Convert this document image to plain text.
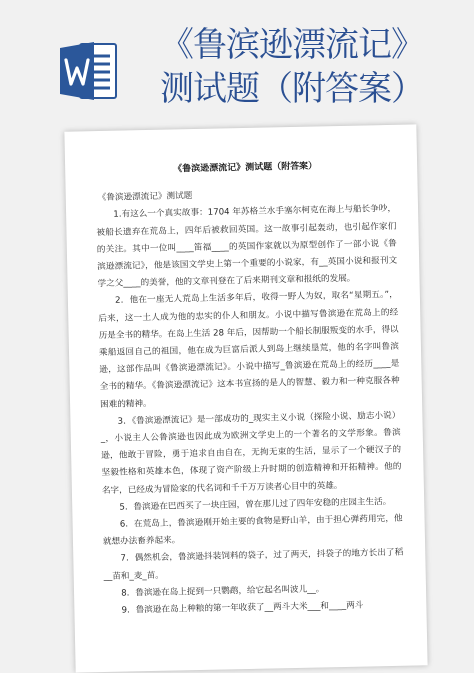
《鲁滨逊漂流记》
测试题（附答案）
《鲁滨逊漂流记》测试题（附答案）
《鲁滨逊漂流记》测试题

1.有这么一个真实故事：1704 年苏格兰水手塞尔柯克在海上与船长争吵，被船长遗弃在荒岛上，四年后被救回英国。这一故事引起轰动，也引起作家们的关注。其中一位叫____笛福____的英国作家就以为原型创作了一部小说《鲁滨逊漂流记》，他是该国文学史上第一个重要的小说家，有__英国小说和报刊文学之父____的美誉，他的文章刊登在了后来期刊文章和报纸的发展。

2．他在一座无人荒岛上生活多年后，收得一野人为奴，取名“星期五。”，后来，这一土人成为他的忠实的仆人和朋友。小说中描写鲁滨逊在荒岛上的经历是全书的精华。在岛上生活 28 年后，因帮助一个船长制服叛变的水手，得以乘船返回自己的祖国，他在成为巨富后派人到岛上继续垦荒，他的名字叫鲁滨逊，这部作品叫《鲁滨逊漂流记》。小说中描写_鲁滨逊在荒岛上的经历____是全书的精华。《鲁滨逊漂流记》这本书宣扬的是人的智慧、毅力和一种克服各种困难的精神。

3．《鲁滨逊漂流记》是一部成功的_现实主义小说（探险小说、励志小说）_，小说主人公鲁滨逊也因此成为欧洲文学史上的一个著名的文学形象。鲁滨逊，他敢于冒险，勇于追求自由自在，无拘无束的生活，显示了一个硬汉子的坚毅性格和英雄本色，体现了资产阶级上升时期的创造精神和开拓精神。他的名字，已经成为冒险家的代名词和千千万万读者心目中的英雄。

5．鲁滨逊在巴西买了一块庄园，曾在那儿过了四年安稳的庄园主生活。

6．在荒岛上，鲁滨逊刚开始主要的食物是野山羊，由于担心弹药用完，他就想办法畜养起来。

7．偶然机会，鲁滨逊抖装饲料的袋子，过了两天，抖袋子的地方长出了稻__苗和_麦_苗。

8．鲁滨逊在岛上捉到一只鹦鹉，给它起名叫波儿__。

9．鲁滨逊在岛上种粮的第一年收获了__两斗大米___和____两斗
